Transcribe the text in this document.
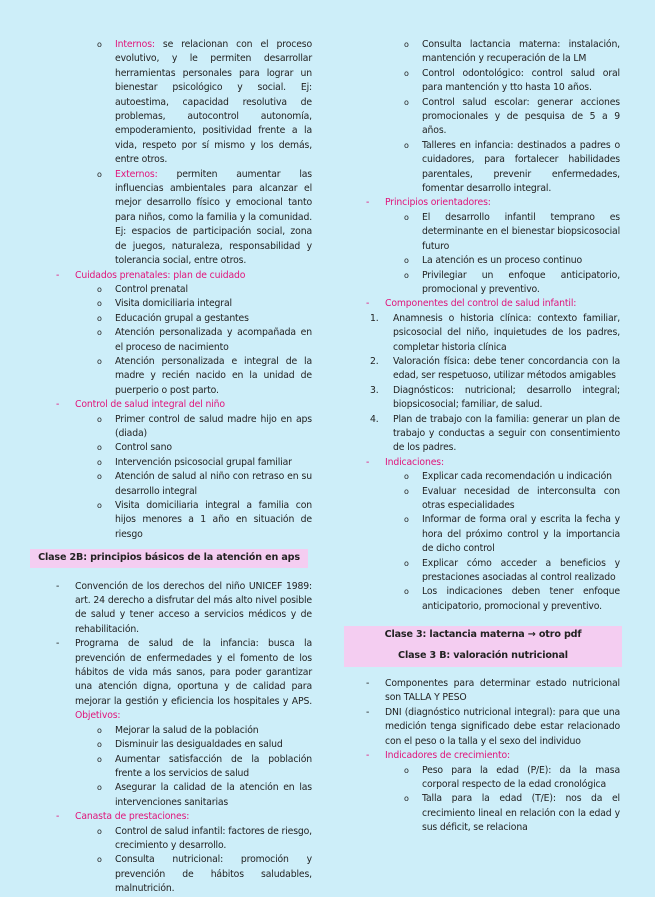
o Internos: se relacionan con el proceso evolutivo, y le permiten desarrollar herramientas personales para lograr un bienestar psicológico y social. Ej: autoestima, capacidad resolutiva de problemas, autocontrol autonomía, empoderamiento, positividad frente a la vida, respeto por sí mismo y los demás, entre otros.
o Externos: permiten aumentar las influencias ambientales para alcanzar el mejor desarrollo físico y emocional tanto para niños, como la familia y la comunidad. Ej: espacios de participación social, zona de juegos, naturaleza, responsabilidad y tolerancia social, entre otros.
- Cuidados prenatales: plan de cuidado
o Control prenatal
o Visita domiciliaria integral
o Educación grupal a gestantes
o Atención personalizada y acompañada en el proceso de nacimiento
o Atención personalizada e integral de la madre y recién nacido en la unidad de puerperio o post parto.
- Control de salud integral del niño
o Primer control de salud madre hijo en aps (diada)
o Control sano
o Intervención psicosocial grupal familiar
o Atención de salud al niño con retraso en su desarrollo integral
o Visita domiciliaria integral a familia con hijos menores a 1 año en situación de riesgo
Clase 2B: principios básicos de la atención en aps
- Convención de los derechos del niño UNICEF 1989: art. 24 derecho a disfrutar del más alto nivel posible de salud y tener acceso a servicios médicos y de rehabilitación.
- Programa de salud de la infancia: busca la prevención de enfermedades y el fomento de los hábitos de vida más sanos, para poder garantizar una atención digna, oportuna y de calidad para mejorar la gestión y eficiencia los hospitales y APS. Objetivos:
o Mejorar la salud de la población
o Disminuir las desigualdades en salud
o Aumentar satisfacción de la población frente a los servicios de salud
o Asegurar la calidad de la atención en las intervenciones sanitarias
- Canasta de prestaciones:
o Control de salud infantil: factores de riesgo, crecimiento y desarrollo.
o Consulta nutricional: promoción y prevención de hábitos saludables, malnutrición.
o Consulta lactancia materna: instalación, mantención y recuperación de la LM
o Control odontológico: control salud oral para mantención y tto hasta 10 años.
o Control salud escolar: generar acciones promocionales y de pesquisa de 5 a 9 años.
o Talleres en infancia: destinados a padres o cuidadores, para fortalecer habilidades parentales, prevenir enfermedades, fomentar desarrollo integral.
- Principios orientadores:
o El desarrollo infantil temprano es determinante en el bienestar biopsicosocial futuro
o La atención es un proceso continuo
o Privilegiar un enfoque anticipatorio, promocional y preventivo.
- Componentes del control de salud infantil:
1. Anamnesis o historia clínica: contexto familiar, psicosocial del niño, inquietudes de los padres, completar historia clínica
2. Valoración física: debe tener concordancia con la edad, ser respetuoso, utilizar métodos amigables
3. Diagnósticos: nutricional; desarrollo integral; biopsicosocial; familiar, de salud.
4. Plan de trabajo con la familia: generar un plan de trabajo y conductas a seguir con consentimiento de los padres.
- Indicaciones:
o Explicar cada recomendación u indicación
o Evaluar necesidad de interconsulta con otras especialidades
o Informar de forma oral y escrita la fecha y hora del próximo control y la importancia de dicho control
o Explicar cómo acceder a beneficios y prestaciones asociadas al control realizado
o Los indicaciones deben tener enfoque anticipatorio, promocional y preventivo.
Clase 3: lactancia materna → otro pdf
Clase 3 B: valoración nutricional
- Componentes para determinar estado nutricional son TALLA Y PESO
- DNI (diagnóstico nutricional integral): para que una medición tenga significado debe estar relacionado con el peso o la talla y el sexo del individuo
- Indicadores de crecimiento:
o Peso para la edad (P/E): da la masa corporal respecto de la edad cronológica
o Talla para la edad (T/E): nos da el crecimiento lineal en relación con la edad y sus déficit, se relaciona
